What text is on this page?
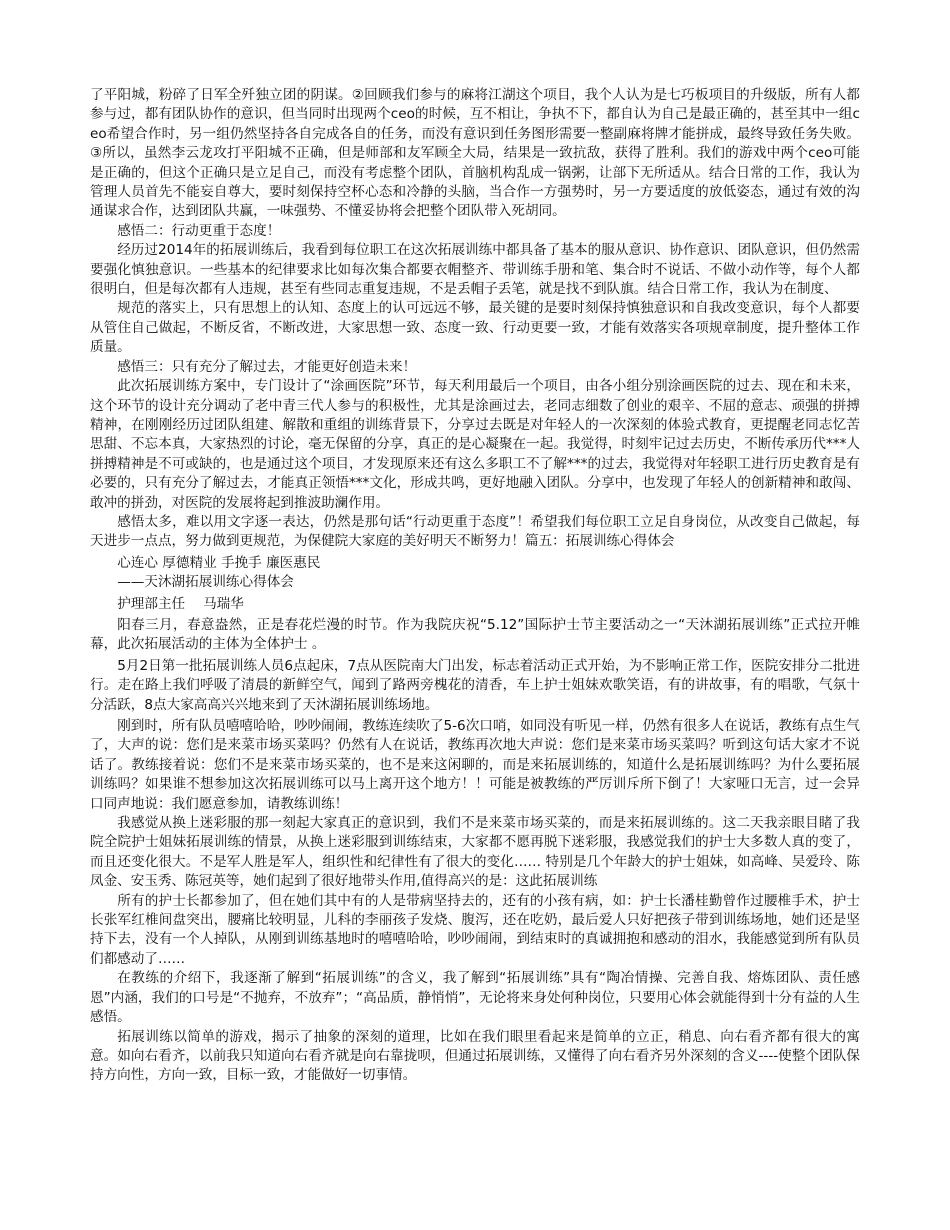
了平阳城，粉碎了日军全歼独立团的阴谋。②回顾我们参与的麻将江湖这个项目，我个人认为是七巧板项目的升级版，所有人都参与过，都有团队协作的意识，但当同时出现两个ceo的时候，互不相让，争执不下，都自认为自己是最正确的，甚至其中一组ceo希望合作时，另一组仍然坚持各自完成各自的任务，而没有意识到任务图形需要一整副麻将牌才能拼成，最终导致任务失败。③所以，虽然李云龙攻打平阳城不正确，但是师部和友军顾全大局，结果是一致抗敌，获得了胜利。我们的游戏中两个ceo可能是正确的，但这个正确只是立足自己，而没有考虑整个团队，首脑机构乱成一锅粥，让部下无所适从。结合日常的工作，我认为管理人员首先不能妄自尊大，要时刻保持空杯心态和冷静的头脑，当合作一方强势时，另一方要适度的放低姿态，通过有效的沟通谋求合作，达到团队共赢，一味强势、不懂妥协将会把整个团队带入死胡同。

感悟二：行动更重于态度！

经历过2014年的拓展训练后，我看到每位职工在这次拓展训练中都具备了基本的服从意识、协作意识、团队意识，但仍然需要强化慎独意识。一些基本的纪律要求比如每次集合都要衣帽整齐、带训练手册和笔、集合时不说话、不做小动作等，每个人都很明白，但是每次都有人违规，甚至有些同志重复违规，不是丢帽子丢笔，就是找不到队旗。结合日常工作，我认为在制度、

规范的落实上，只有思想上的认知、态度上的认可远远不够，最关键的是要时刻保持慎独意识和自我改变意识，每个人都要从管住自己做起，不断反省，不断改进，大家思想一致、态度一致、行动更要一致，才能有效落实各项规章制度，提升整体工作质量。

感悟三：只有充分了解过去，才能更好创造未来！

此次拓展训练方案中，专门设计了“涂画医院”环节，每天利用最后一个项目，由各小组分别涂画医院的过去、现在和未来，这个环节的设计充分调动了老中青三代人参与的积极性，尤其是涂画过去，老同志细数了创业的艰辛、不屈的意志、顽强的拼搏精神，在刚刚经历过团队组建、解散和重组的训练背景下，分享过去既是对年轻人的一次深刻的体验式教育，更提醒老同志忆苦思甜、不忘本真，大家热烈的讨论，毫无保留的分享，真正的是心凝聚在一起。我觉得，时刻牢记过去历史，不断传承历代***人拼搏精神是不可或缺的，也是通过这个项目，才发现原来还有这么多职工不了解***的过去，我觉得对年轻职工进行历史教育是有必要的，只有充分了解过去，才能真正领悟***文化，形成共鸣，更好地融入团队。分享中，也发现了年轻人的创新精神和敢闯、敢冲的拼劲，对医院的发展将起到推波助澜作用。

感悟太多，难以用文字逐一表达，仍然是那句话“行动更重于态度”！希望我们每位职工立足自身岗位，从改变自己做起，每天进步一点点，努力做到更规范，为保健院大家庭的美好明天不断努力！篇五：拓展训练心得体会

心连心 厚德精业 手挽手 廉医惠民

——天沐湖拓展训练心得体会

护理部主任　 马瑞华

阳春三月，春意盎然，正是春花烂漫的时节。作为我院庆祝“5.12”国际护士节主要活动之一“天沐湖拓展训练”正式拉开帷幕，此次拓展活动的主体为全体护士 。

5月2日第一批拓展训练人员6点起床，7点从医院南大门出发，标志着活动正式开始，为不影响正常工作，医院安排分二批进行。走在路上我们呼吸了清晨的新鲜空气，闻到了路两旁槐花的清香，车上护士姐妹欢歌笑语，有的讲故事，有的唱歌，气氛十分活跃，8点大家高高兴兴地来到了天沐湖拓展训练场地。

刚到时，所有队员嘻嘻哈哈，吵吵闹闹，教练连续吹了5-6次口哨，如同没有听见一样，仍然有很多人在说话，教练有点生气了，大声的说：您们是来菜市场买菜吗？仍然有人在说话，教练再次地大声说：您们是来菜市场买菜吗？听到这句话大家才不说话了。教练接着说：您们不是来菜市场买菜的，也不是来这闲聊的，而是来拓展训练的，知道什么是拓展训练吗？为什么要拓展训练吗？如果谁不想参加这次拓展训练可以马上离开这个地方！！可能是被教练的严厉训斥所下倒了！大家哑口无言，过一会异口同声地说：我们愿意参加，请教练训练！

我感觉从换上迷彩服的那一刻起大家真正的意识到，我们不是来菜市场买菜的，而是来拓展训练的。这二天我亲眼目睹了我院全院护士姐妹拓展训练的情景，从换上迷彩服到训练结束，大家都不愿再脱下迷彩服，我感觉我们的护士大多数人真的变了，而且还变化很大。不是军人胜是军人，组织性和纪律性有了很大的变化…… 特别是几个年龄大的护士姐妹，如高峰、吴爱玲、陈凤金、安玉秀、陈冠英等，她们起到了很好地带头作用,值得高兴的是：这此拓展训练

所有的护士长都参加了，但在她们其中有的人是带病坚持去的，还有的小孩有病，如：护士长潘桂勤曾作过腰椎手术，护士长张军红椎间盘突出，腰痛比较明显，儿科的李丽孩子发烧、腹泻，还在吃奶，最后爱人只好把孩子带到训练场地，她们还是坚持下去，没有一个人掉队，从刚到训练基地时的嘻嘻哈哈，吵吵闹闹，到结束时的真诚拥抱和感动的泪水，我能感觉到所有队员们都感动了……

在教练的介绍下，我逐渐了解到“拓展训练”的含义，我了解到“拓展训练”具有“陶冶情操、完善自我、熔炼团队、责任感恩”内涵，我们的口号是“不抛弃，不放弃”；“高品质，静悄悄”，无论将来身处何种岗位，只要用心体会就能得到十分有益的人生感悟。

拓展训练以简单的游戏，揭示了抽象的深刻的道理，比如在我们眼里看起来是简单的立正，稍息、向右看齐都有很大的寓意。如向右看齐，以前我只知道向右看齐就是向右靠拢呗，但通过拓展训练，又懂得了向右看齐另外深刻的含义----使整个团队保持方向性，方向一致，目标一致，才能做好一切事情。
